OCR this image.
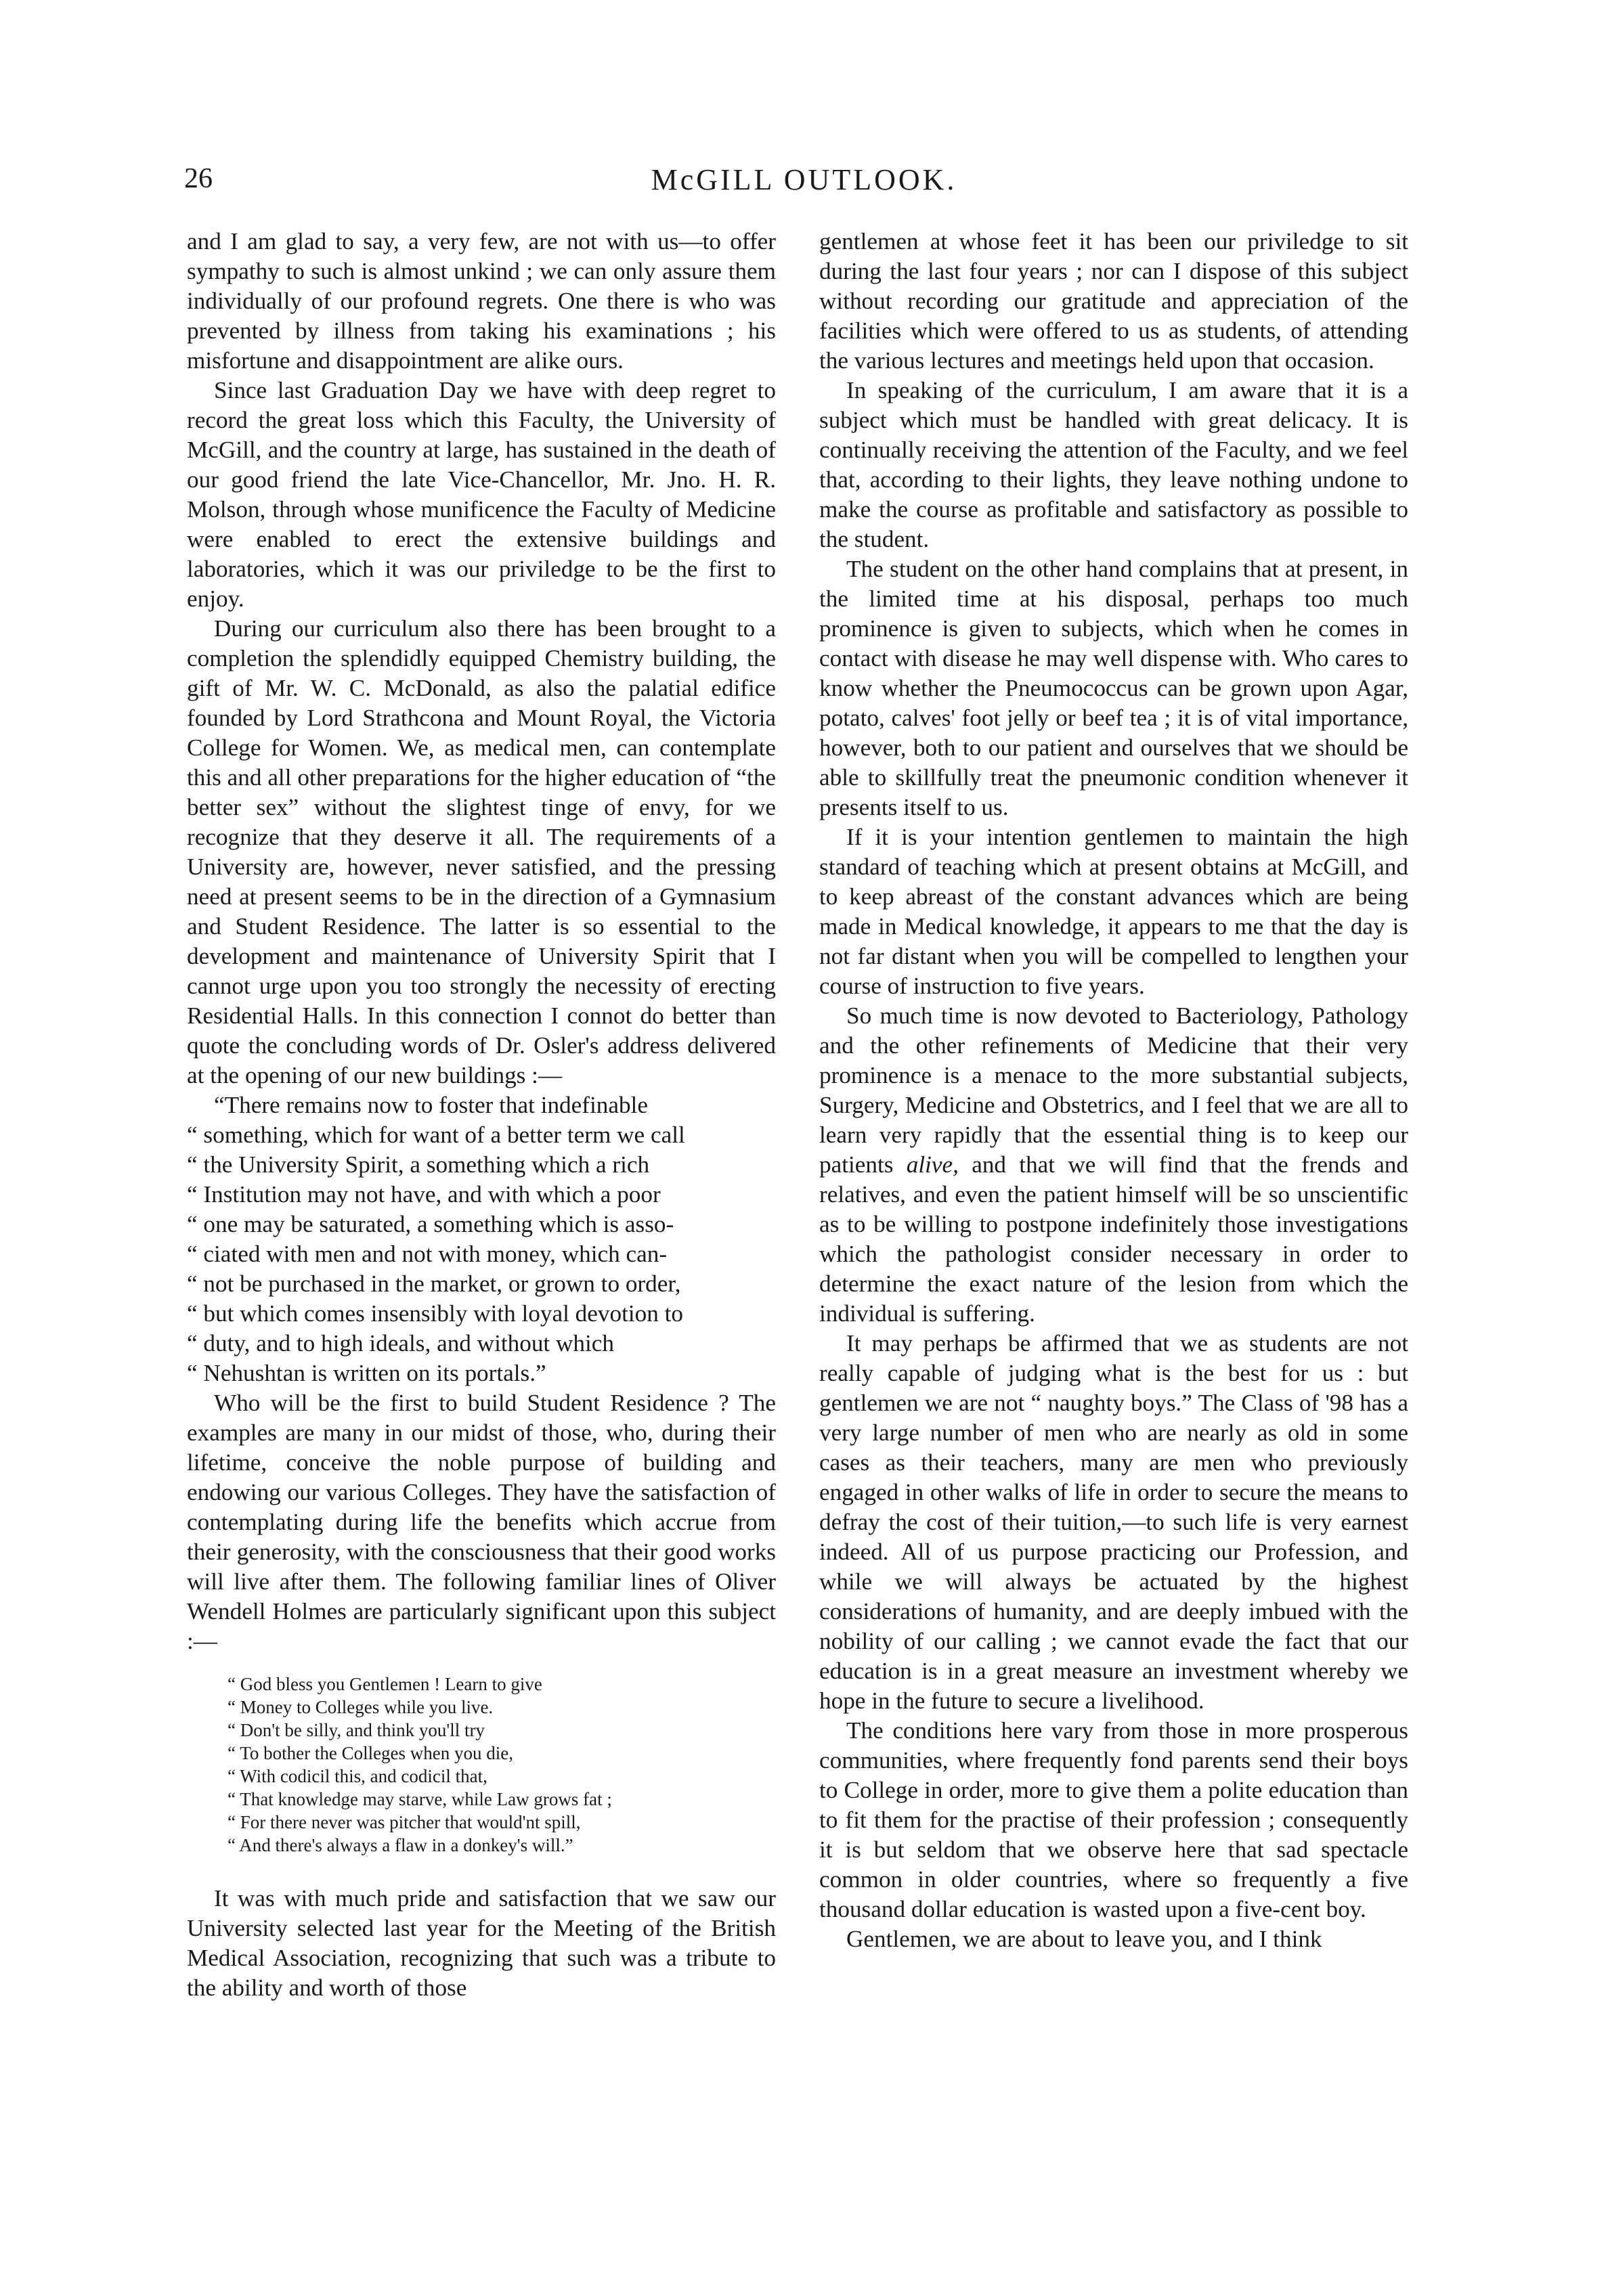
26	McGILL OUTLOOK.

and I am glad to say, a very few, are not with us—to offer sympathy to such is almost unkind ; we can only assure them individually of our profound regrets. One there is who was prevented by illness from taking his examinations ; his misfortune and disappointment are alike ours.

Since last Graduation Day we have with deep regret to record the great loss which this Faculty, the University of McGill, and the country at large, has sustained in the death of our good friend the late Vice-Chancellor, Mr. Jno. H. R. Molson, through whose munificence the Faculty of Medicine were enabled to erect the extensive buildings and laboratories, which it was our priviledge to be the first to enjoy.

During our curriculum also there has been brought to a completion the splendidly equipped Chemistry building, the gift of Mr. W. C. McDonald, as also the palatial edifice founded by Lord Strathcona and Mount Royal, the Victoria College for Women. We, as medical men, can contemplate this and all other preparations for the higher education of “the better sex” without the slightest tinge of envy, for we recognize that they deserve it all. The requirements of a University are, however, never satisfied, and the pressing need at present seems to be in the direction of a Gymnasium and Student Residence. The latter is so essential to the development and maintenance of University Spirit that I cannot urge upon you too strongly the necessity of erecting Residential Halls. In this connection I connot do better than quote the concluding words of Dr. Osler's address delivered at the opening of our new buildings :—

“There remains now to foster that indefinable
“ something, which for want of a better term we call
“ the University Spirit, a something which a rich
“ Institution may not have, and with which a poor
“ one may be saturated, a something which is asso-
“ ciated with men and not with money, which can-
“ not be purchased in the market, or grown to order,
“ but which comes insensibly with loyal devotion to
“ duty, and to high ideals, and without which
“ Nehushtan is written on its portals.”

Who will be the first to build Student Residence ? The examples are many in our midst of those, who, during their lifetime, conceive the noble purpose of building and endowing our various Colleges. They have the satisfaction of contemplating during life the benefits which accrue from their generosity, with the consciousness that their good works will live after them. The following familiar lines of Oliver Wendell Holmes are particularly significant upon this subject :—

“ God bless you Gentlemen ! Learn to give
“ Money to Colleges while you live.
“ Don't be silly, and think you'll try
“ To bother the Colleges when you die,
“ With codicil this, and codicil that,
“ That knowledge may starve, while Law grows fat ;
“ For there never was pitcher that would'nt spill,
“ And there's always a flaw in a donkey's will.”

It was with much pride and satisfaction that we saw our University selected last year for the Meeting of the British Medical Association, recognizing that such was a tribute to the ability and worth of those

gentlemen at whose feet it has been our priviledge to sit during the last four years ; nor can I dispose of this subject without recording our gratitude and appreciation of the facilities which were offered to us as students, of attending the various lectures and meetings held upon that occasion.

In speaking of the curriculum, I am aware that it is a subject which must be handled with great delicacy. It is continually receiving the attention of the Faculty, and we feel that, according to their lights, they leave nothing undone to make the course as profitable and satisfactory as possible to the student.

The student on the other hand complains that at present, in the limited time at his disposal, perhaps too much prominence is given to subjects, which when he comes in contact with disease he may well dispense with. Who cares to know whether the Pneumococcus can be grown upon Agar, potato, calves' foot jelly or beef tea ; it is of vital importance, however, both to our patient and ourselves that we should be able to skillfully treat the pneumonic condition whenever it presents itself to us.

If it is your intention gentlemen to maintain the high standard of teaching which at present obtains at McGill, and to keep abreast of the constant advances which are being made in Medical knowledge, it appears to me that the day is not far distant when you will be compelled to lengthen your course of instruction to five years.

So much time is now devoted to Bacteriology, Pathology and the other refinements of Medicine that their very prominence is a menace to the more substantial subjects, Surgery, Medicine and Obstetrics, and I feel that we are all to learn very rapidly that the essential thing is to keep our patients alive, and that we will find that the frends and relatives, and even the patient himself will be so unscientific as to be willing to postpone indefinitely those investigations which the pathologist consider necessary in order to determine the exact nature of the lesion from which the individual is suffering.

It may perhaps be affirmed that we as students are not really capable of judging what is the best for us : but gentlemen we are not “ naughty boys.” The Class of '98 has a very large number of men who are nearly as old in some cases as their teachers, many are men who previously engaged in other walks of life in order to secure the means to defray the cost of their tuition,—to such life is very earnest indeed. All of us purpose practicing our Profession, and while we will always be actuated by the highest considerations of humanity, and are deeply imbued with the nobility of our calling ; we cannot evade the fact that our education is in a great measure an investment whereby we hope in the future to secure a livelihood.

The conditions here vary from those in more prosperous communities, where frequently fond parents send their boys to College in order, more to give them a polite education than to fit them for the practise of their profession ; consequently it is but seldom that we observe here that sad spectacle common in older countries, where so frequently a five thousand dollar education is wasted upon a five-cent boy.

Gentlemen, we are about to leave you, and I think
